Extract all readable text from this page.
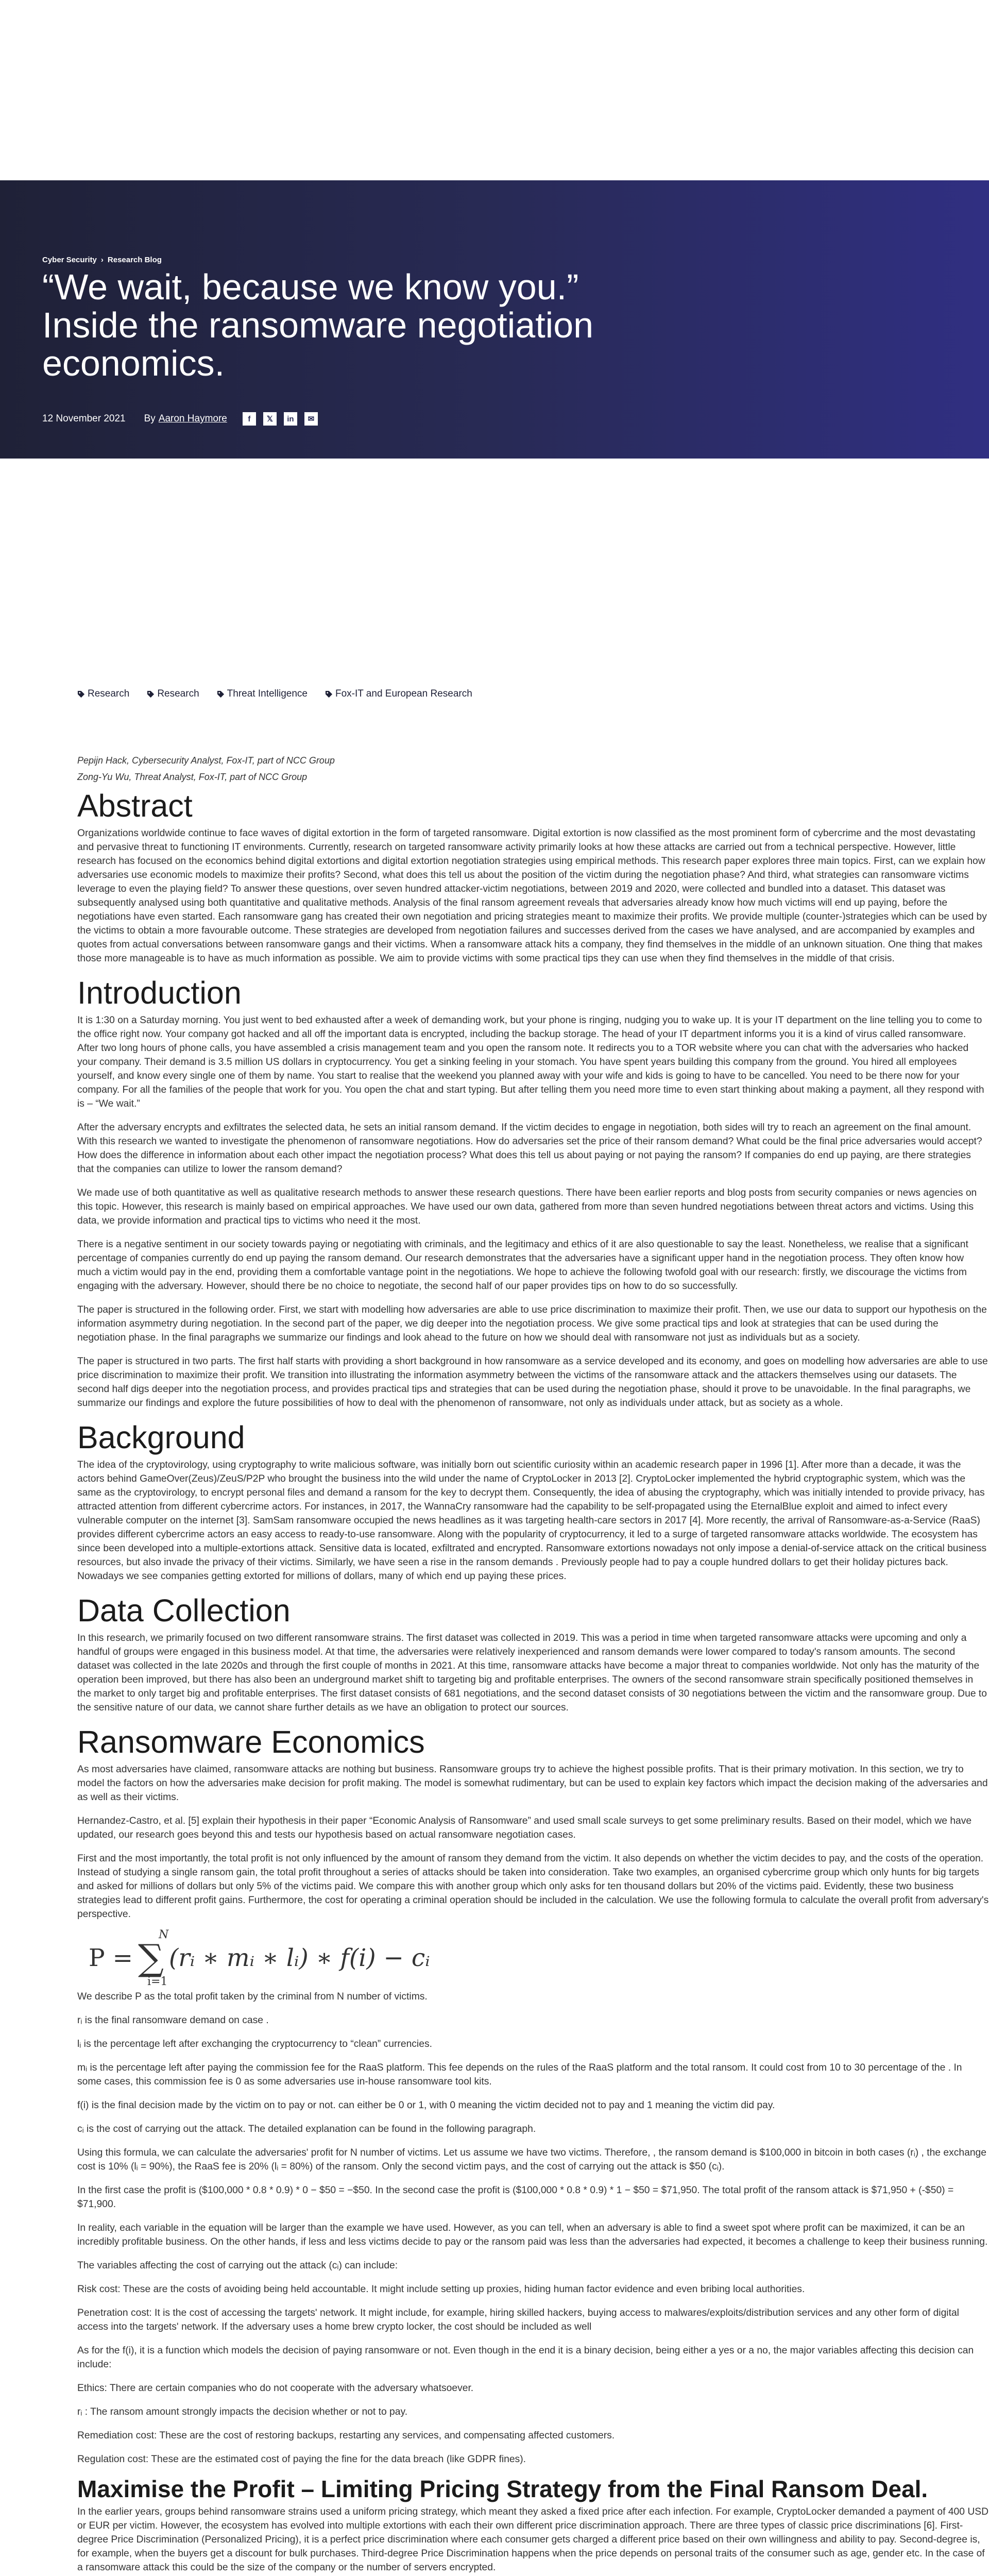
Cyber Security › Research Blog
“We wait, because we know you.” Inside the ransomware negotiation economics.
12 November 2021 By Aaron Haymore	f	𝕏	in	✉
Research	Research	Threat Intelligence	Fox-IT and European Research
Pepijn Hack, Cybersecurity Analyst, Fox-IT, part of NCC Group
Zong-Yu Wu, Threat Analyst, Fox-IT, part of NCC Group
Abstract

Organizations worldwide continue to face waves of digital extortion in the form of targeted ransomware. Digital extortion is now classified as the most prominent form of cybercrime and the most devastating and pervasive threat to functioning IT environments. Currently, research on targeted ransomware activity primarily looks at how these attacks are carried out from a technical perspective. However, little research has focused on the economics behind digital extortions and digital extortion negotiation strategies using empirical methods. This research paper explores three main topics. First, can we explain how adversaries use economic models to maximize their profits? Second, what does this tell us about the position of the victim during the negotiation phase? And third, what strategies can ransomware victims leverage to even the playing field? To answer these questions, over seven hundred attacker-victim negotiations, between 2019 and 2020, were collected and bundled into a dataset. This dataset was subsequently analysed using both quantitative and qualitative methods. Analysis of the final ransom agreement reveals that adversaries already know how much victims will end up paying, before the negotiations have even started. Each ransomware gang has created their own negotiation and pricing strategies meant to maximize their profits. We provide multiple (counter-)strategies which can be used by the victims to obtain a more favourable outcome. These strategies are developed from negotiation failures and successes derived from the cases we have analysed, and are accompanied by examples and quotes from actual conversations between ransomware gangs and their victims. When a ransomware attack hits a company, they find themselves in the middle of an unknown situation. One thing that makes those more manageable is to have as much information as possible. We aim to provide victims with some practical tips they can use when they find themselves in the middle of that crisis.

Introduction

It is 1:30 on a Saturday morning. You just went to bed exhausted after a week of demanding work, but your phone is ringing, nudging you to wake up. It is your IT department on the line telling you to come to the office right now. Your company got hacked and all off the important data is encrypted, including the backup storage. The head of your IT department informs you it is a kind of virus called ransomware. After two long hours of phone calls, you have assembled a crisis management team and you open the ransom note. It redirects you to a TOR website where you can chat with the adversaries who hacked your company. Their demand is 3.5 million US dollars in cryptocurrency. You get a sinking feeling in your stomach. You have spent years building this company from the ground. You hired all employees yourself, and know every single one of them by name. You start to realise that the weekend you planned away with your wife and kids is going to have to be cancelled. You need to be there now for your company. For all the families of the people that work for you. You open the chat and start typing. But after telling them you need more time to even start thinking about making a payment, all they respond with is – “We wait.”

After the adversary encrypts and exfiltrates the selected data, he sets an initial ransom demand. If the victim decides to engage in negotiation, both sides will try to reach an agreement on the final amount. With this research we wanted to investigate the phenomenon of ransomware negotiations. How do adversaries set the price of their ransom demand? What could be the final price adversaries would accept? How does the difference in information about each other impact the negotiation process? What does this tell us about paying or not paying the ransom? If companies do end up paying, are there strategies that the companies can utilize to lower the ransom demand?

We made use of both quantitative as well as qualitative research methods to answer these research questions. There have been earlier reports and blog posts from security companies or news agencies on this topic. However, this research is mainly based on empirical approaches. We have used our own data, gathered from more than seven hundred negotiations between threat actors and victims. Using this data, we provide information and practical tips to victims who need it the most.

There is a negative sentiment in our society towards paying or negotiating with criminals, and the legitimacy and ethics of it are also questionable to say the least. Nonetheless, we realise that a significant percentage of companies currently do end up paying the ransom demand. Our research demonstrates that the adversaries have a significant upper hand in the negotiation process. They often know how much a victim would pay in the end, providing them a comfortable vantage point in the negotiations. We hope to achieve the following twofold goal with our research: firstly, we discourage the victims from engaging with the adversary. However, should there be no choice to negotiate, the second half of our paper provides tips on how to do so successfully.

The paper is structured in the following order. First, we start with modelling how adversaries are able to use price discrimination to maximize their profit. Then, we use our data to support our hypothesis on the information asymmetry during negotiation. In the second part of the paper, we dig deeper into the negotiation process. We give some practical tips and look at strategies that can be used during the negotiation phase. In the final paragraphs we summarize our findings and look ahead to the future on how we should deal with ransomware not just as individuals but as a society.

The paper is structured in two parts. The first half starts with providing a short background in how ransomware as a service developed and its economy, and goes on modelling how adversaries are able to use price discrimination to maximize their profit. We transition into illustrating the information asymmetry between the victims of the ransomware attack and the attackers themselves using our datasets. The second half digs deeper into the negotiation process, and provides practical tips and strategies that can be used during the negotiation phase, should it prove to be unavoidable. In the final paragraphs, we summarize our findings and explore the future possibilities of how to deal with the phenomenon of ransomware, not only as individuals under attack, but as society as a whole.

Background

The idea of the cryptovirology, using cryptography to write malicious software, was initially born out scientific curiosity within an academic research paper in 1996 [1]. After more than a decade, it was the actors behind GameOver(Zeus)/ZeuS/P2P who brought the business into the wild under the name of CryptoLocker in 2013 [2]. CryptoLocker implemented the hybrid cryptographic system, which was the same as the cryptovirology, to encrypt personal files and demand a ransom for the key to decrypt them. Consequently, the idea of abusing the cryptography, which was initially intended to provide privacy, has attracted attention from different cybercrime actors. For instances, in 2017, the WannaCry ransomware had the capability to be self-propagated using the EternalBlue exploit and aimed to infect every vulnerable computer on the internet [3]. SamSam ransomware occupied the news headlines as it was targeting health-care sectors in 2017 [4]. More recently, the arrival of Ransomware-as-a-Service (RaaS) provides different cybercrime actors an easy access to ready-to-use ransomware. Along with the popularity of cryptocurrency, it led to a surge of targeted ransomware attacks worldwide. The ecosystem has since been developed into a multiple-extortions attack. Sensitive data is located, exfiltrated and encrypted. Ransomware extortions nowadays not only impose a denial-of-service attack on the critical business resources, but also invade the privacy of their victims. Similarly, we have seen a rise in the ransom demands . Previously people had to pay a couple hundred dollars to get their holiday pictures back. Nowadays we see companies getting extorted for millions of dollars, many of which end up paying these prices.

Data Collection

In this research, we primarily focused on two different ransomware strains. The first dataset was collected in 2019. This was a period in time when targeted ransomware attacks were upcoming and only a handful of groups were engaged in this business model. At that time, the adversaries were relatively inexperienced and ransom demands were lower compared to today's ransom amounts. The second dataset was collected in the late 2020s and through the first couple of months in 2021. At this time, ransomware attacks have become a major threat to companies worldwide. Not only has the maturity of the operation been improved, but there has also been an underground market shift to targeting big and profitable enterprises. The owners of the second ransomware strain specifically positioned themselves in the market to only target big and profitable enterprises. The first dataset consists of 681 negotiations, and the second dataset consists of 30 negotiations between the victim and the ransomware group. Due to the sensitive nature of our data, we cannot share further details as we have an obligation to protect our sources.

Ransomware Economics

As most adversaries have claimed, ransomware attacks are nothing but business. Ransomware groups try to achieve the highest possible profits. That is their primary motivation. In this section, we try to model the factors on how the adversaries make decision for profit making. The model is somewhat rudimentary, but can be used to explain key factors which impact the decision making of the adversaries and as well as their victims.

Hernandez-Castro, et al. [5] explain their hypothesis in their paper “Economic Analysis of Ransomware” and used small scale surveys to get some preliminary results. Based on their model, which we have updated, our research goes beyond this and tests our hypothesis based on actual ransomware negotiation cases.

First and the most importantly, the total profit is not only influenced by the amount of ransom they demand from the victim. It also depends on whether the victim decides to pay, and the costs of the operation. Instead of studying a single ransom gain, the total profit throughout a series of attacks should be taken into consideration. Take two examples, an organised cybercrime group which only hunts for big targets and asked for millions of dollars but only 5% of the victims paid. We compare this with another group which only asks for ten thousand dollars but 20% of the victims paid. Evidently, these two business strategies lead to different profit gains. Furthermore, the cost for operating a criminal operation should be included in the calculation. We use the following formula to calculate the overall profit from adversary's perspective.

P = ∑
N
i=1
(rᵢ ∗ mᵢ ∗ lᵢ) ∗ f(i) − cᵢ

We describe P as the total profit taken by the criminal from N number of victims.

rᵢ is the final ransomware demand on case .

lᵢ is the percentage left after exchanging the cryptocurrency to “clean” currencies.

mᵢ is the percentage left after paying the commission fee for the RaaS platform. This fee depends on the rules of the RaaS platform and the total ransom. It could cost from 10 to 30 percentage of the . In some cases, this commission fee is 0 as some adversaries use in-house ransomware tool kits.

f(i) is the final decision made by the victim on to pay or not. can either be 0 or 1, with 0 meaning the victim decided not to pay and 1 meaning the victim did pay.

cᵢ is the cost of carrying out the attack. The detailed explanation can be found in the following paragraph.

Using this formula, we can calculate the adversaries' profit for N number of victims. Let us assume we have two victims. Therefore, , the ransom demand is $100,000 in bitcoin in both cases (rᵢ) , the exchange cost is 10% (lᵢ = 90%), the RaaS fee is 20% (lᵢ = 80%) of the ransom. Only the second victim pays, and the cost of carrying out the attack is $50 (cᵢ).

In the first case the profit is ($100,000 * 0.8 * 0.9) * 0 − $50 = −$50. In the second case the profit is ($100,000 * 0.8 * 0.9) * 1 − $50 = $71,950. The total profit of the ransom attack is $71,950 + (-$50) = $71,900.

In reality, each variable in the equation will be larger than the example we have used. However, as you can tell, when an adversary is able to find a sweet spot where profit can be maximized, it can be an incredibly profitable business. On the other hands, if less and less victims decide to pay or the ransom paid was less than the adversaries had expected, it becomes a challenge to keep their business running.

The variables affecting the cost of carrying out the attack (cᵢ) can include:

Risk cost: These are the costs of avoiding being held accountable. It might include setting up proxies, hiding human factor evidence and even bribing local authorities.

Penetration cost: It is the cost of accessing the targets' network. It might include, for example, hiring skilled hackers, buying access to malwares/exploits/distribution services and any other form of digital access into the targets' network. If the adversary uses a home brew crypto locker, the cost should be included as well

As for the f(i), it is a function which models the decision of paying ransomware or not. Even though in the end it is a binary decision, being either a yes or a no, the major variables affecting this decision can include:

Ethics: There are certain companies who do not cooperate with the adversary whatsoever.

rᵢ : The ransom amount strongly impacts the decision whether or not to pay.

Remediation cost: These are the cost of restoring backups, restarting any services, and compensating affected customers.

Regulation cost: These are the estimated cost of paying the fine for the data breach (like GDPR fines).

Maximise the Profit – Limiting Pricing Strategy from the Final Ransom Deal.

In the earlier years, groups behind ransomware strains used a uniform pricing strategy, which meant they asked a fixed price after each infection. For example, CryptoLocker demanded a payment of 400 USD or EUR per victim. However, the ecosystem has evolved into multiple extortions with each their own different price discrimination approach. There are three types of classic price discriminations [6]. First-degree Price Discrimination (Personalized Pricing), it is a perfect price discrimination where each consumer gets charged a different price based on their own willingness and ability to pay. Second-degree is, for example, when the buyers get a discount for bulk purchases. Third-degree Price Discrimination happens when the price depends on personal traits of the consumer such as age, gender etc. In the case of a ransomware attack this could be the size of the company or the number of servers encrypted.
